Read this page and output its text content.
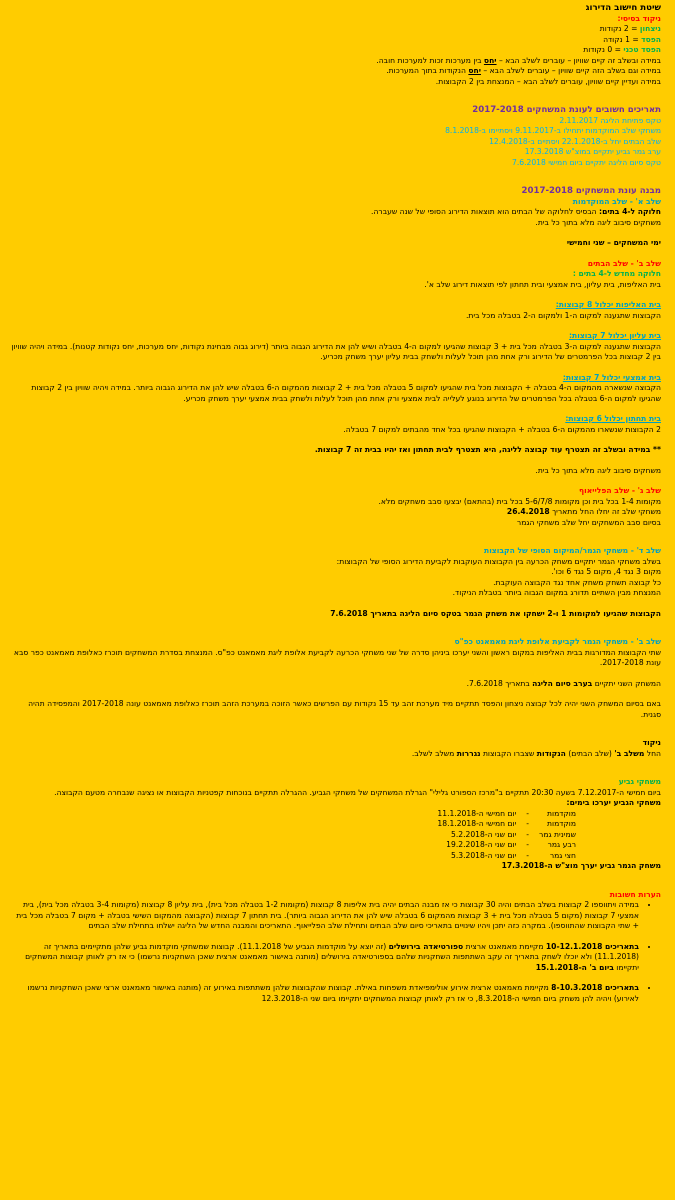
שיטת חישוב הדירוג
ניקוד בסיסי:
ניצחון = 2 נקודות
הפסד = 1 נקודה
הפסד טכני = 0 נקודות
במידה ובשלב זה קיים שוויון – עוברים לשלב הבא – יחס בין מערכות זכות למערכות חובה.
במידה וגם בשלב הזה קיים שוויון – עוברים לשלב הבא – יחס הנקודות בתוך המערכות.
במידה ועדיין קיים שוויון, עוברים לשלב הבא – המנצחת בין 2 הקבוצות.
תאריכים חשובים לעונת המשחקים 2017-2018
טקס פתיחת הליגה 2.11.2017
משחקי שלב המוקדמות יתחילו ב-9.11.2017 ויסתיימו ב-8.1.2018
שלב הבתים יחל ב-22.1.2018 ויסתיים ב-12.4.2018
ערב גמר גביע יתקיים במוצ"ש 17.3.2018
טקס סיום הליגה יתקיים ביום חמישי 7.6.2018
מבנה עונת המשחקים 2017-2018
שלב א' - שלב המוקדמות
חלוקה ל-4 בתים: הבסיס לחלוקה של הבתים הוא תוצאות הדירוג הסופי של שנה שעברה.
משחקים סיבוב ליגה מלא בתוך כל בית.
ימי המשחקים – שני וחמישי
שלב ב' - שלב הבתים
חלוקה מחדש ל-4 בתים :
בית האליפות, בית עליון, בית אמצעי ובית תחתון לפי תוצאות דירוג שלב א'.
בית האליפות יכלול 8 קבוצות:
הקבוצות שתגענה למקום ה-1 ולמקום ה-2 בטבלה מכל בית.
בית עליון יכלול 7 קבוצות:
הקבוצות שתגענה למקום ה-3 בטבלה מכל בית + 3 קבוצות שהגיעו למקום ה-4 בטבלה ושיש להן את הדירוג הגבוה ביותר (דירוג גבוה מבחינת נקודות, יחס מערכות, יחס נקודות קטנות). במידה ויהיה שוויון בין 2 קבוצות בכל הפרמטרים של הדירוג ורק אחת מהן תוכל לעלות ולשחק בבית עליון יערך משחק מכריע.
בית אמצעי יכלול 7 קבוצות:
הקבוצה שנשארה מהמקום ה-4 בטבלה + הקבוצות מכל בית שהגיעו למקום 5 בטבלה מכל בית + 2 קבוצות מהמקום ה-6 בטבלה שיש להן את הדירוג הגבוה ביותר. במידה ויהיה שוויון בין 2 קבוצות שהגיעו למקום ה-6 בטבלה בכל הפרמטרים של הדירוג בנוגע לעלייה לבית אמצעי ורק אחת מהן תוכל לעלות ולשחק בבית אמצעי יערך משחק מכריע.
בית תחתון יכלול 6 קבוצות:
2 הקבוצות שנשארו מהמקום ה-6 בטבלה + הקבוצות שהגיעו בכל אחד מהבתים למקום 7 בטבלה.
** במידה ובשלב זה תצטרף עוד קבוצה לליגה, היא תצטרף לבית תחתון ואז יהיו בבית זה 7 קבוצות.
משחקים סיבוב ליגה מלא בתוך כל בית.
שלב ג' - שלב הפלייאוף
מקומות 1-4 בכל בית וכן מקומות 5-6/7/8 בכל בית (בהתאם) יבצעו סבב משחקים מלא.
משחקי שלב זה יחלו החל מתאריך 26.4.2018
בסיום סבב המשחקים יחל שלב משחקי הגמר
שלב ד' - משחקי הגמר/המיקום הסופי של הקבוצות
בשלב משחקי הגמר יתקיים משחק הכרעה בין הקבוצות העוקבות לקביעת הדירוג הסופי של הקבוצות:
מקום 3 נגד 4, מקום 5 נגד 6 וכו'.
כל קבוצה תשחק משחק אחד נגד הקבוצה העוקבת.
המנצחת מבין השתיים תדורג במקום הגבוה ביותר בטבלת הניקוד.
הקבוצות שהגיעו למקומות 1 ו-2 ישחקו את משחק הגמר בטקס סיום הליגה בתאריך 7.6.2018
שלב ב' - משחקי הגמר לקביעת אלופת ליגת מאמאנט כפ"ס
שתי הקבוצות המדורגות בבית האליפות במקום ראשון והשני יערכו ביניהן סדרה של שני משחקי הכרעה לקביעת אלופת ליגת מאמאנט כפ"ס. המנצחת בסדרת המשחקים תוכרז כאלופת מאמאנט כפר סבא עונת 2017-2018.
המשחק השני יתקיים בערב סיום הליגה בתאריך 7.6.2018.
באם בסיום המשחק השני יהיה לכל קבוצה ניצחון והפסד תתקיים מיד מערכת זהב עד 15 נקודות עם הפרשים כאשר הזוכה במערכת הזהב תוכרז כאלופת מאמאנט עונה 2017-2018 והמפסידה תהיה סגנית.
ניקוד
החל משלב ב' (שלב הבתים) הנקודות שצברו הקבוצות נגררות משלב לשלב.
משחקי גביע
ביום חמישי ה-7.12.2017 בשעה 20:30 תתקיים ב"מרכז הספורט גלילי" הגרלת המשחקים של משחקי הגביע. ההגרלה תתקיים בנוכחות קפטניות הקבוצות או נציגה שנבחרה מטעם הקבוצה.
משחקי הגביע יערכו בימים:
מוקדמות	-	יום חמישי ה-11.1.2018
מוקדמות	-	יום חמישי ה-18.1.2018
שמינית גמר	-	יום שני ה-5.2.2018
רבע גמר	-	יום שני ה-19.2.2018
חצי גמר	-	יום שני ה-5.3.2018
משחק הגמר גביע יערך מוצ"ש ה-17.3.2018
הערות חשובות
• במידה ויתווספו 2 קבוצות בשלב הבתים והיה 30 קבוצות כי אז מבנה הבתים יהיה בית אליפות 8 קבוצות (מקומות 1-2 בטבלה מכל בית), בית עליון 8 קבוצות (מקומות 3-4 בטבלה מכל בית), בית אמצעי 7 קבוצות (מקום 5 בטבלה מכל בית + 3 קבוצות מהמקום 6 בטבלה שיש להן את הדירוג הגבוה ביותר). בית תחתון 7 קבוצות (הקבוצה מהמקום השישי בטבלה + מקום 7 בטבלה מכל בית + שתי הקבוצות שהתווספו). במקרה כזה יתכן ויהיו שינויים בתאריכי סיום שלב הבתים ותחילת שלב הפלייאוף. התאריכים והמבנה החדש של הליגה ישלחו בתחילת שלב הבתים
• בתאריכים 10-12.1.2018 מקיימת מאמאנט ארצית ספורטיאדה בירושלים (זה יוצא על מוקדמות הגביע של 11.1.2018). קבוצות שמשחקי מוקדמות גביע שלהן מתקיימים בתאריך זה (11.1.2018) ולא יוכלו לשחק בתאריך זה עקב השתתפות השחקניות שלהם בספורטיאדה בירושלים (מותנה באישור מאמאנט ארצית שאכן השחקניות נרשמו) כי אז רק לאותן קבוצות המשחקים יתקיימו ביום ב' ה-15.1.2018
• בתאריכים 8-10.3.2018 מקיימת מאמאנט ארצית אירוע אולימפיאדת משפחות באילת. קבוצות שהקבוצות שלהן משתתפות באירוע זה (מותנה באישור מאמאנט ארצי שאכן השחקניות נרשמו לאירוע) ויהיה להן משחק ביום חמישי ה-8.3.2018, כי אז רק לאותן קבוצות המשחקים יתקיימו ביום שני ה-12.3.2018
